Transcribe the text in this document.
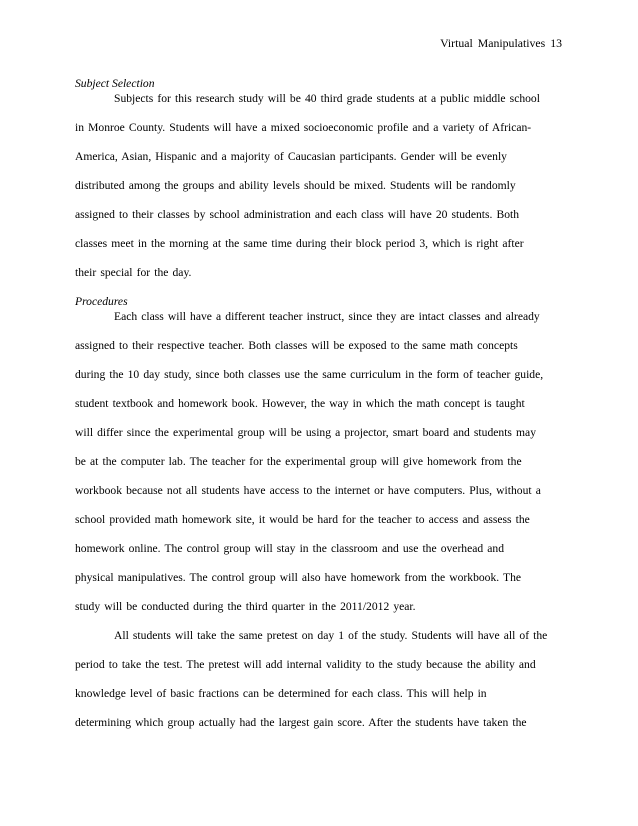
Virtual Manipulatives 13
Subject Selection
Subjects for this research study will be 40 third grade students at a public middle school
in Monroe County. Students will have a mixed socioeconomic profile and a variety of African-
America, Asian, Hispanic and a majority of Caucasian participants. Gender will be evenly
distributed among the groups and ability levels should be mixed. Students will be randomly
assigned to their classes by school administration and each class will have 20 students. Both
classes meet in the morning at the same time during their block period 3, which is right after
their special for the day.
Procedures
Each class will have a different teacher instruct, since they are intact classes and already
assigned to their respective teacher. Both classes will be exposed to the same math concepts
during the 10 day study, since both classes use the same curriculum in the form of teacher guide,
student textbook and homework book. However, the way in which the math concept is taught
will differ since the experimental group will be using a projector, smart board and students may
be at the computer lab. The teacher for the experimental group will give homework from the
workbook because not all students have access to the internet or have computers. Plus, without a
school provided math homework site, it would be hard for the teacher to access and assess the
homework online. The control group will stay in the classroom and use the overhead and
physical manipulatives. The control group will also have homework from the workbook. The
study will be conducted during the third quarter in the 2011/2012 year.
All students will take the same pretest on day 1 of the study. Students will have all of the
period to take the test. The pretest will add internal validity to the study because the ability and
knowledge level of basic fractions can be determined for each class. This will help in
determining which group actually had the largest gain score. After the students have taken the
